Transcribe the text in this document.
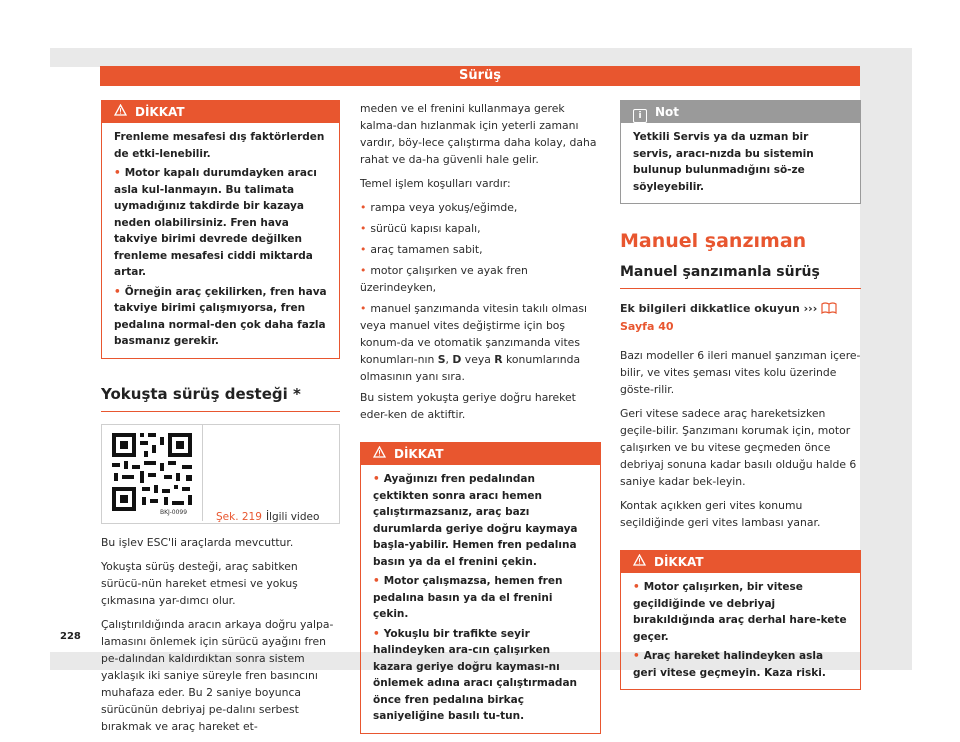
Sürüş
DİKKAT

Frenleme mesafesi dış faktörlerden de etki-lenebilir.

• Motor kapalı durumdayken aracı asla kul-lanmayın. Bu talimata uymadığınız takdirde bir kazaya neden olabilirsiniz. Fren hava takviye birimi devrede değilken frenleme mesafesi ciddi miktarda artar.
• Örneğin araç çekilirken, fren hava takviye birimi çalışmıyorsa, fren pedalına normal-den çok daha fazla basmanız gerekir.
Yokuşta sürüş desteği *
BKJ-0099	Şek. 219 İlgili video

Bu işlev ESC'li araçlarda mevcuttur.

Yokuşta sürüş desteği, araç sabitken sürücü-nün hareket etmesi ve yokuş çıkmasına yar-dımcı olur.

Çalıştırıldığında aracın arkaya doğru yalpa-lamasını önlemek için sürücü ayağını fren pe-dalından kaldırdıktan sonra sistem yaklaşık iki saniye süreyle fren basıncını muhafaza eder. Bu 2 saniye boyunca sürücünün debriyaj pe-dalını serbest bırakmak ve araç hareket et-

meden ve el frenini kullanmaya gerek kalma-dan hızlanmak için yeterli zamanı vardır, böy-lece çalıştırma daha kolay, daha rahat ve da-ha güvenli hale gelir.

Temel işlem koşulları vardır:

• rampa veya yokuş/eğimde,
• sürücü kapısı kapalı,
• araç tamamen sabit,
• motor çalışırken ve ayak fren üzerindeyken,
• manuel şanzımanda vitesin takılı olması veya manuel vites değiştirme için boş konum-da ve otomatik şanzımanda vites konumları-nın S, D veya R konumlarında olmasının yanı sıra.

Bu sistem yokuşta geriye doğru hareket eder-ken de aktiftir.

DİKKAT
• Ayağınızı fren pedalından çektikten sonra aracı hemen çalıştırmazsanız, araç bazı durumlarda geriye doğru kaymaya başla-yabilir. Hemen fren pedalına basın ya da el frenini çekin.
• Motor çalışmazsa, hemen fren pedalına basın ya da el frenini çekin.
• Yokuşlu bir trafikte seyir halindeyken ara-cın çalışırken kazara geriye doğru kayması-nı önlemek adına aracı çalıştırmadan önce fren pedalına birkaç saniyeliğine basılı tu-tun.
i Not

Yetkili Servis ya da uzman bir servis, aracı-nızda bu sistemin bulunup bulunmadığını sö-ze söyleyebilir.

Manuel şanzıman
Manuel şanzımanla sürüş
Ek bilgileri dikkatlice okuyun ›››  Sayfa 40

Bazı modeller 6 ileri manuel şanzıman içere-bilir, ve vites şeması vites kolu üzerinde göste-rilir.

Geri vitese sadece araç hareketsizken geçile-bilir. Şanzımanı korumak için, motor çalışırken ve bu vitese geçmeden önce debriyaj sonuna kadar basılı olduğu halde 6 saniye kadar bek-leyin.

Kontak açıkken geri vites konumu seçildiğinde geri vites lambası yanar.

DİKKAT
• Motor çalışırken, bir vitese geçildiğinde ve debriyaj bırakıldığında araç derhal hare-kete geçer.
• Araç hareket halindeyken asla geri vitese geçmeyin. Kaza riski.
228
